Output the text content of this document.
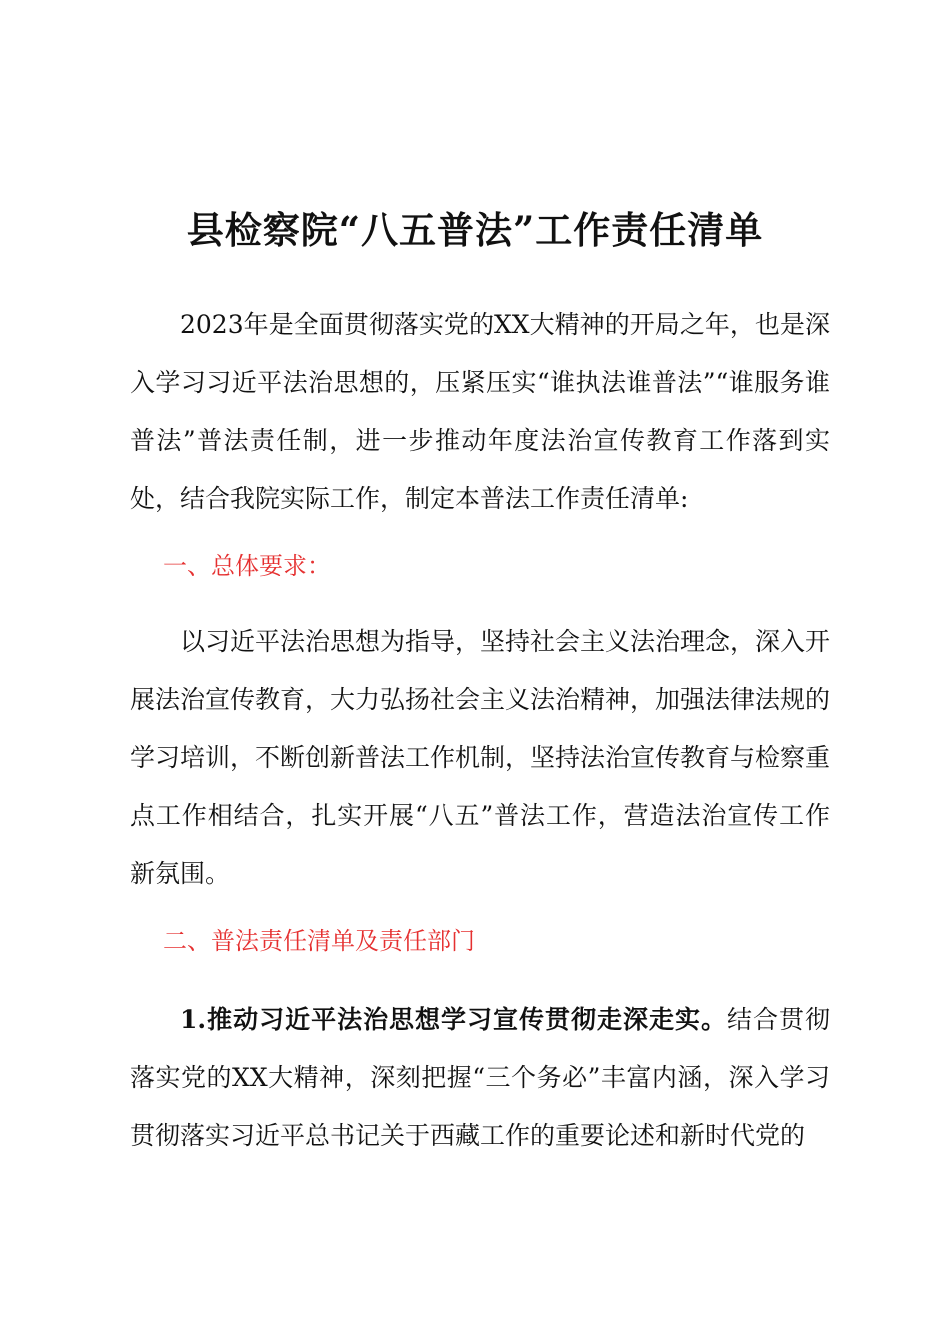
县检察院“八五普法”工作责任清单

2023年是全面贯彻落实党的XX大精神的开局之年，也是深入学习习近平法治思想的，压紧压实“谁执法谁普法”“谁服务谁普法”普法责任制，进一步推动年度法治宣传教育工作落到实处，结合我院实际工作，制定本普法工作责任清单:

一、总体要求：

以习近平法治思想为指导，坚持社会主义法治理念，深入开展法治宣传教育，大力弘扬社会主义法治精神，加强法律法规的学习培训，不断创新普法工作机制，坚持法治宣传教育与检察重点工作相结合，扎实开展“八五”普法工作，营造法治宣传工作新氛围。

二、普法责任清单及责任部门

1.推动习近平法治思想学习宣传贯彻走深走实。结合贯彻落实党的XX大精神，深刻把握“三个务必”丰富内涵，深入学习贯彻落实习近平总书记关于西藏工作的重要论述和新时代党的
